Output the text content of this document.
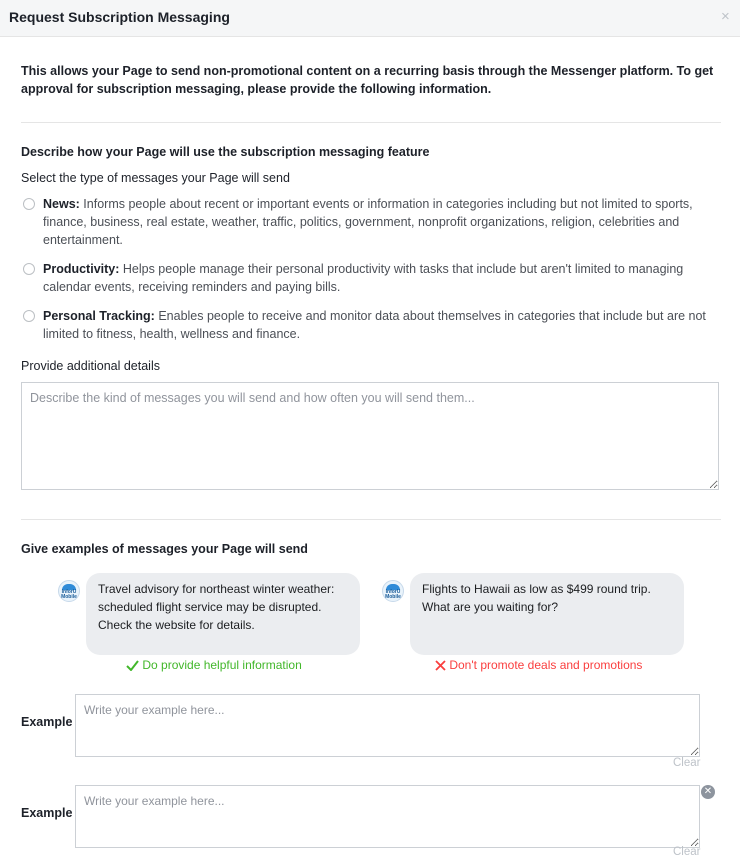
Request Subscription Messaging	×
This allows your Page to send non-promotional content on a recurring basis through the Messenger platform. To get approval for subscription messaging, please provide the following information.
Describe how your Page will use the subscription messaging feature
Select the type of messages your Page will send
News: Informs people about recent or important events or information in categories including but not limited to sports, finance, business, real estate, weather, traffic, politics, government, nonprofit organizations, religion, celebrities and entertainment.
Productivity: Helps people manage their personal productivity with tasks that include but aren't limited to managing calendar events, receiving reminders and paying bills.
Personal Tracking: Enables people to receive and monitor data about themselves in categories that include but are not limited to fitness, health, wellness and finance.
Provide additional details
Describe the kind of messages you will send and how often you will send them...
Give examples of messages your Page will send
InforU Mobile
Travel advisory for northeast winter weather: scheduled flight service may be disrupted. Check the website for details.
Do provide helpful information
InforU Mobile
Flights to Hawaii as low as $499 round trip. What are you waiting for?
Don't promote deals and promotions
Example
Write your example here...
Clear
Example
Write your example here...
✕
Clear
